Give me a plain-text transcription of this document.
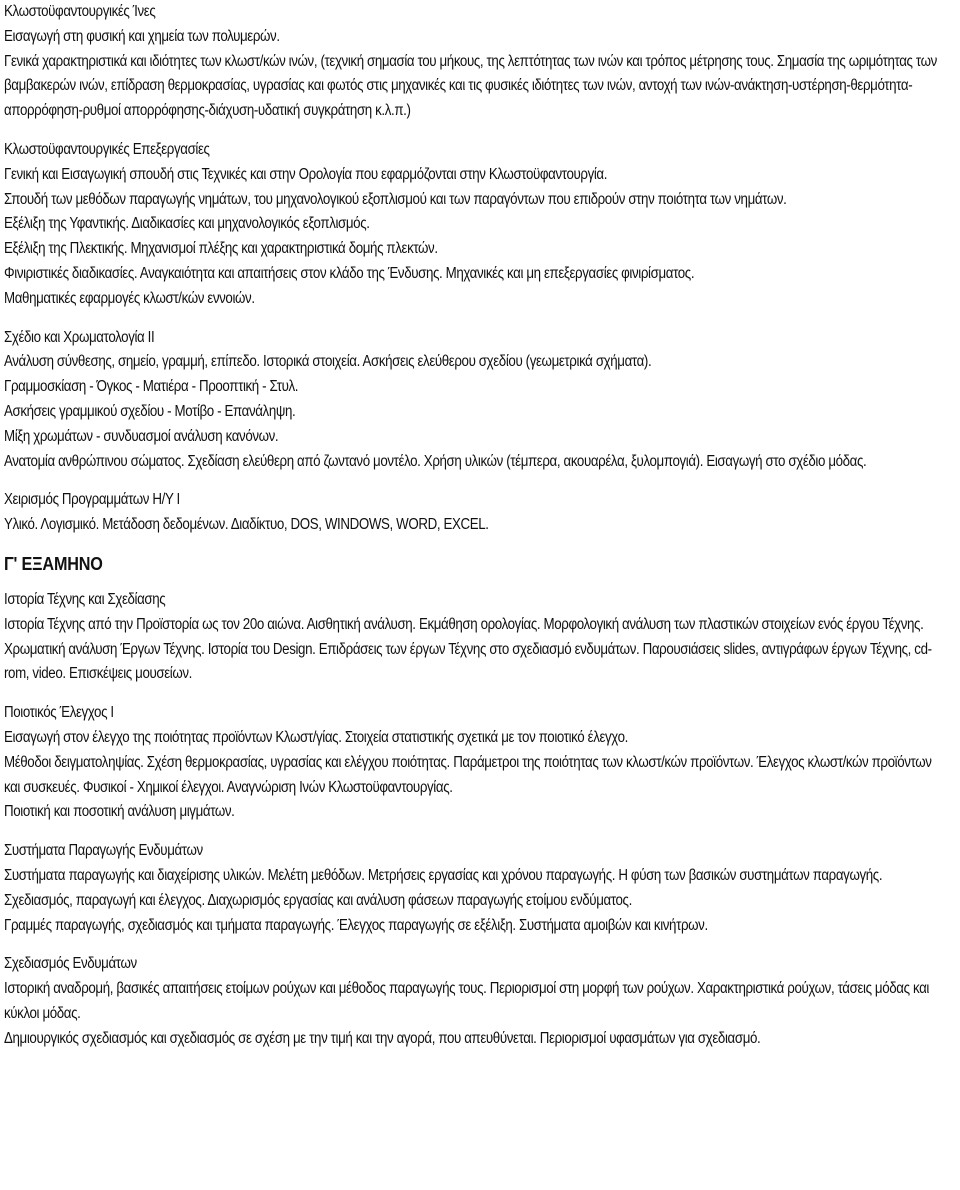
Κλωστοϋφαντουργικές Ίνες
Εισαγωγή στη φυσική και χημεία των πολυμερών.
Γενικά χαρακτηριστικά και ιδιότητες των κλωστ/κών ινών, (τεχνική σημασία του μήκους, της λεπτότητας των ινών και τρόπος μέτρησης τους. Σημασία της ωριμότητας των βαμβακερών ινών, επίδραση θερμοκρασίας, υγρασίας και φωτός στις μηχανικές και τις φυσικές ιδιότητες των ινών, αντοχή των ινών-ανάκτηση-υστέρηση-θερμότητα-απορρόφηση-ρυθμοί απορρόφησης-διάχυση-υδατική συγκράτηση κ.λ.π.)
Κλωστοϋφαντουργικές Επεξεργασίες
Γενική και Εισαγωγική σπουδή στις Τεχνικές και στην Ορολογία που εφαρμόζονται στην Κλωστοϋφαντουργία.
Σπουδή των μεθόδων παραγωγής νημάτων, του μηχανολογικού εξοπλισμού και των παραγόντων που επιδρούν στην ποιότητα των νημάτων.
Εξέλιξη της Υφαντικής. Διαδικασίες και μηχανολογικός εξοπλισμός.
Εξέλιξη της Πλεκτικής. Μηχανισμοί πλέξης και χαρακτηριστικά δομής πλεκτών.
Φινιριστικές διαδικασίες. Αναγκαιότητα και απαιτήσεις στον κλάδο της Ένδυσης. Μηχανικές και μη επεξεργασίες φινιρίσματος.
Μαθηματικές εφαρμογές κλωστ/κών εννοιών.
Σχέδιο και Χρωματολογία ΙΙ
Ανάλυση σύνθεσης, σημείο, γραμμή, επίπεδο. Ιστορικά στοιχεία. Ασκήσεις ελεύθερου σχεδίου (γεωμετρικά σχήματα).
Γραμμοσκίαση - Όγκος - Ματιέρα - Προοπτική - Στυλ.
Ασκήσεις γραμμικού σχεδίου - Μοτίβο - Επανάληψη.
Μίξη χρωμάτων - συνδυασμοί ανάλυση κανόνων.
Ανατομία ανθρώπινου σώματος. Σχεδίαση ελεύθερη από ζωντανό μοντέλο. Χρήση υλικών (τέμπερα, ακουαρέλα, ξυλομπογιά). Εισαγωγή στο σχέδιο μόδας.
Χειρισμός Προγραμμάτων Η/Υ Ι
Υλικό. Λογισμικό. Μετάδοση δεδομένων. Διαδίκτυο, DOS, WINDOWS, WORD, EXCEL.
Γ' ΕΞΑΜΗΝΟ
Ιστορία Τέχνης και Σχεδίασης
Ιστορία Τέχνης από την Προϊστορία ως τον 20ο αιώνα. Αισθητική ανάλυση. Εκμάθηση ορολογίας. Μορφολογική ανάλυση των πλαστικών στοιχείων ενός έργου Τέχνης. Χρωματική ανάλυση Έργων Τέχνης. Ιστορία του Design. Επιδράσεις των έργων Τέχνης στο σχεδιασμό ενδυμάτων. Παρουσιάσεις slides, αντιγράφων έργων Τέχνης, cd-rom, video. Επισκέψεις μουσείων.
Ποιοτικός Έλεγχος Ι
Εισαγωγή στον έλεγχο της ποιότητας προϊόντων Κλωστ/γίας. Στοιχεία στατιστικής σχετικά με τον ποιοτικό έλεγχο.
Μέθοδοι δειγματοληψίας. Σχέση θερμοκρασίας, υγρασίας και ελέγχου ποιότητας. Παράμετροι της ποιότητας των κλωστ/κών προϊόντων. Έλεγχος κλωστ/κών προϊόντων και συσκευές. Φυσικοί - Χημικοί έλεγχοι. Αναγνώριση Ινών Κλωστοϋφαντουργίας.
Ποιοτική και ποσοτική ανάλυση μιγμάτων.
Συστήματα Παραγωγής Ενδυμάτων
Συστήματα παραγωγής και διαχείρισης υλικών. Μελέτη μεθόδων. Μετρήσεις εργασίας και χρόνου παραγωγής. Η φύση των βασικών συστημάτων παραγωγής.
Σχεδιασμός, παραγωγή και έλεγχος. Διαχωρισμός εργασίας και ανάλυση φάσεων παραγωγής ετοίμου ενδύματος.
Γραμμές παραγωγής, σχεδιασμός και τμήματα παραγωγής. Έλεγχος παραγωγής σε εξέλιξη. Συστήματα αμοιβών και κινήτρων.
Σχεδιασμός Ενδυμάτων
Ιστορική αναδρομή, βασικές απαιτήσεις ετοίμων ρούχων και μέθοδος παραγωγής τους. Περιορισμοί στη μορφή των ρούχων. Χαρακτηριστικά ρούχων, τάσεις μόδας και κύκλοι μόδας.
Δημιουργικός σχεδιασμός και σχεδιασμός σε σχέση με την τιμή και την αγορά, που απευθύνεται. Περιορισμοί υφασμάτων για σχεδιασμό.
